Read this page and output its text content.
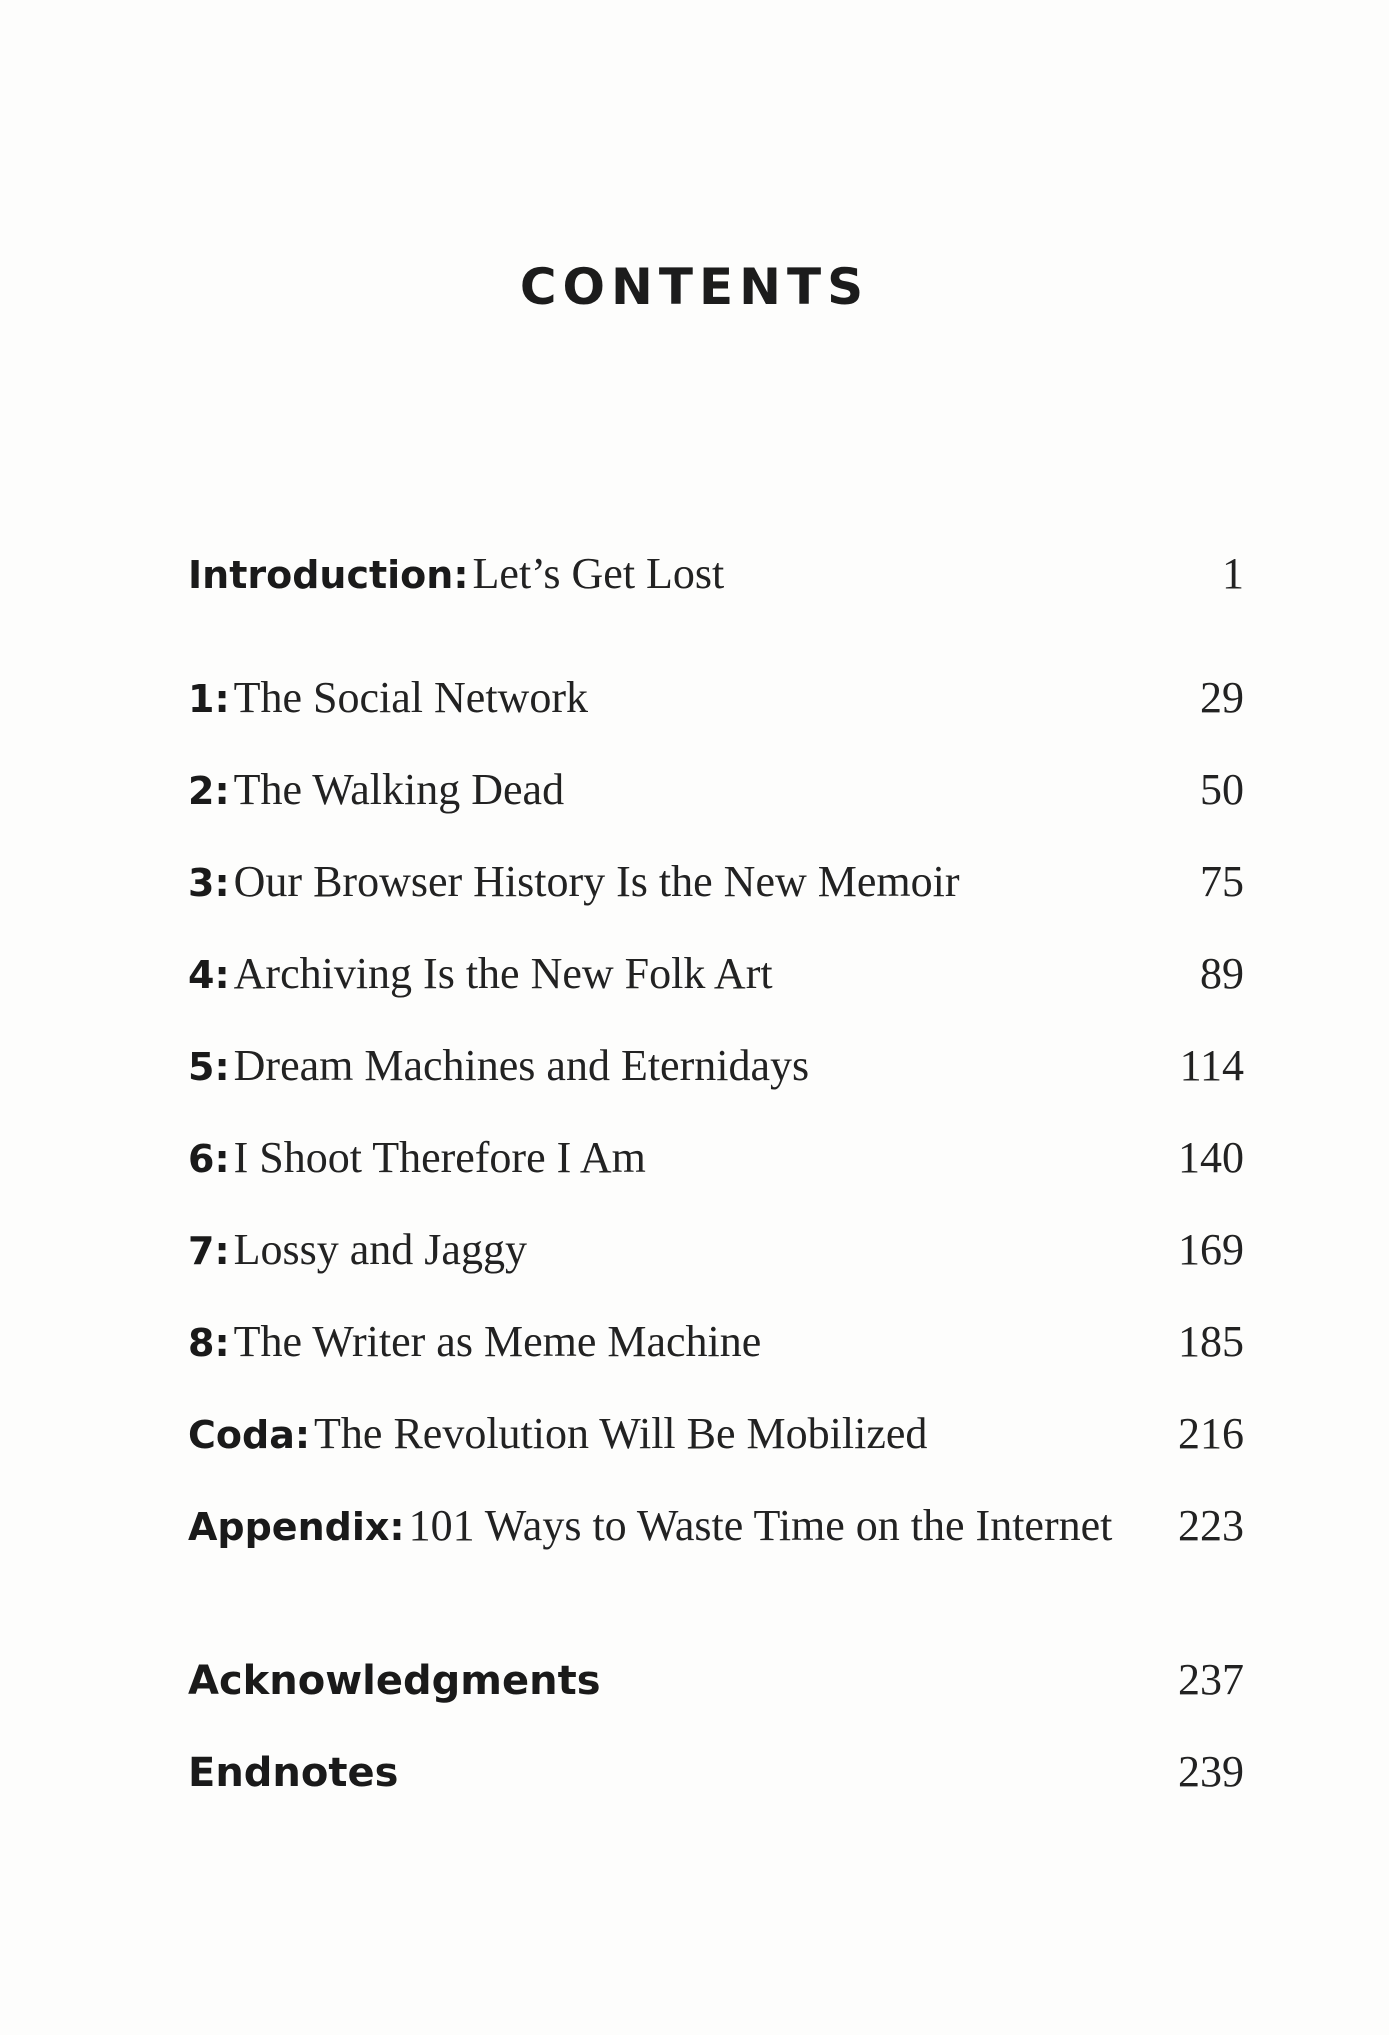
CONTENTS
Introduction: Let’s Get Lost	1
1: The Social Network	29
2: The Walking Dead	50
3: Our Browser History Is the New Memoir	75
4: Archiving Is the New Folk Art	89
5: Dream Machines and Eternidays	114
6: I Shoot Therefore I Am	140
7: Lossy and Jaggy	169
8: The Writer as Meme Machine	185
Coda: The Revolution Will Be Mobilized	216
Appendix: 101 Ways to Waste Time on the Internet 223
Acknowledgments	237
Endnotes	239
